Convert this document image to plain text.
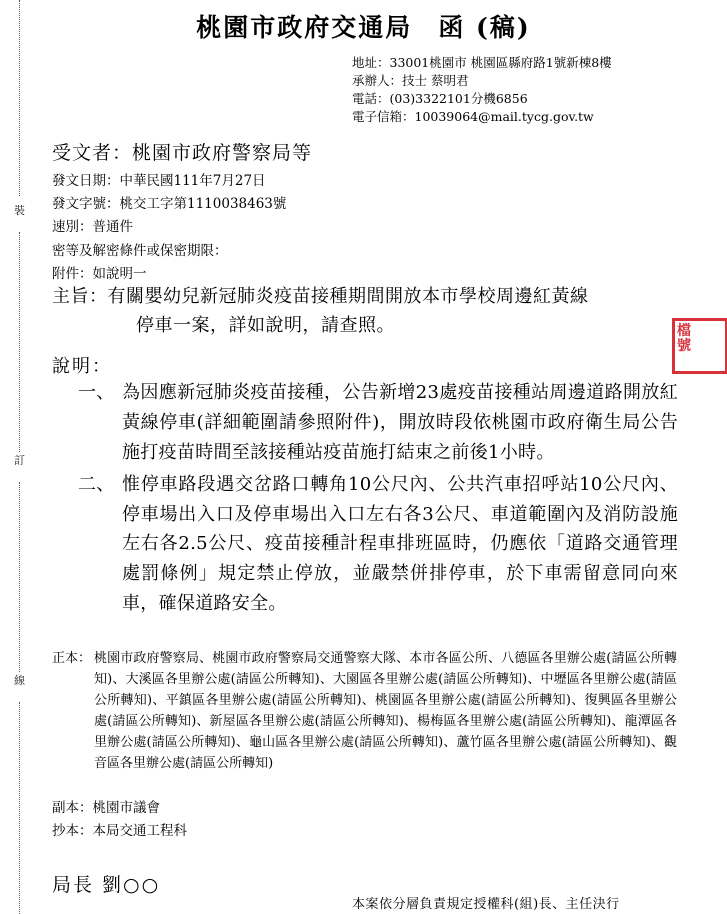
裝
訂
線
桃園市政府交通局 函 (稿)
地址：33001桃園市 桃園區縣府路1號新棟8樓
承辦人：技士 蔡明君
電話：(03)3322101分機6856
電子信箱：10039064@mail.tycg.gov.tw
受文者：桃園市政府警察局等
發文日期：中華民國111年7月27日
發文字號：桃交工字第1110038463號
速別：普通件
密等及解密條件或保密期限：
附件：如說明一
檔
號
主旨： 有關嬰幼兒新冠肺炎疫苗接種期間開放本市學校周邊紅黃線
停車一案，詳如說明，請查照。
說明：
一、 為因應新冠肺炎疫苗接種，公告新增23處疫苗接種站周邊道路開放紅黃線停車(詳細範圍請參照附件)，開放時段依桃園市政府衛生局公告施打疫苗時間至該接種站疫苗施打結束之前後1小時。
二、 惟停車路段遇交岔路口轉角10公尺內、公共汽車招呼站10公尺內、停車場出入口及停車場出入口左右各3公尺、車道範圍內及消防設施左右各2.5公尺、疫苗接種計程車排班區時，仍應依「道路交通管理處罰條例」規定禁止停放，並嚴禁併排停車，於下車需留意同向來車，確保道路安全。
正本： 桃園市政府警察局、桃園市政府警察局交通警察大隊、本市各區公所、八德區各里辦公處(請區公所轉知)、大溪區各里辦公處(請區公所轉知)、大園區各里辦公處(請區公所轉知)、中壢區各里辦公處(請區公所轉知)、平鎮區各里辦公處(請區公所轉知)、桃園區各里辦公處(請區公所轉知)、復興區各里辦公處(請區公所轉知)、新屋區各里辦公處(請區公所轉知)、楊梅區各里辦公處(請區公所轉知)、龍潭區各里辦公處(請區公所轉知)、龜山區各里辦公處(請區公所轉知)、蘆竹區各里辦公處(請區公所轉知)、觀音區各里辦公處(請區公所轉知)
副本：桃園市議會
抄本：本局交通工程科
局長 劉○○
本案依分層負責規定授權科(組)長、主任決行
